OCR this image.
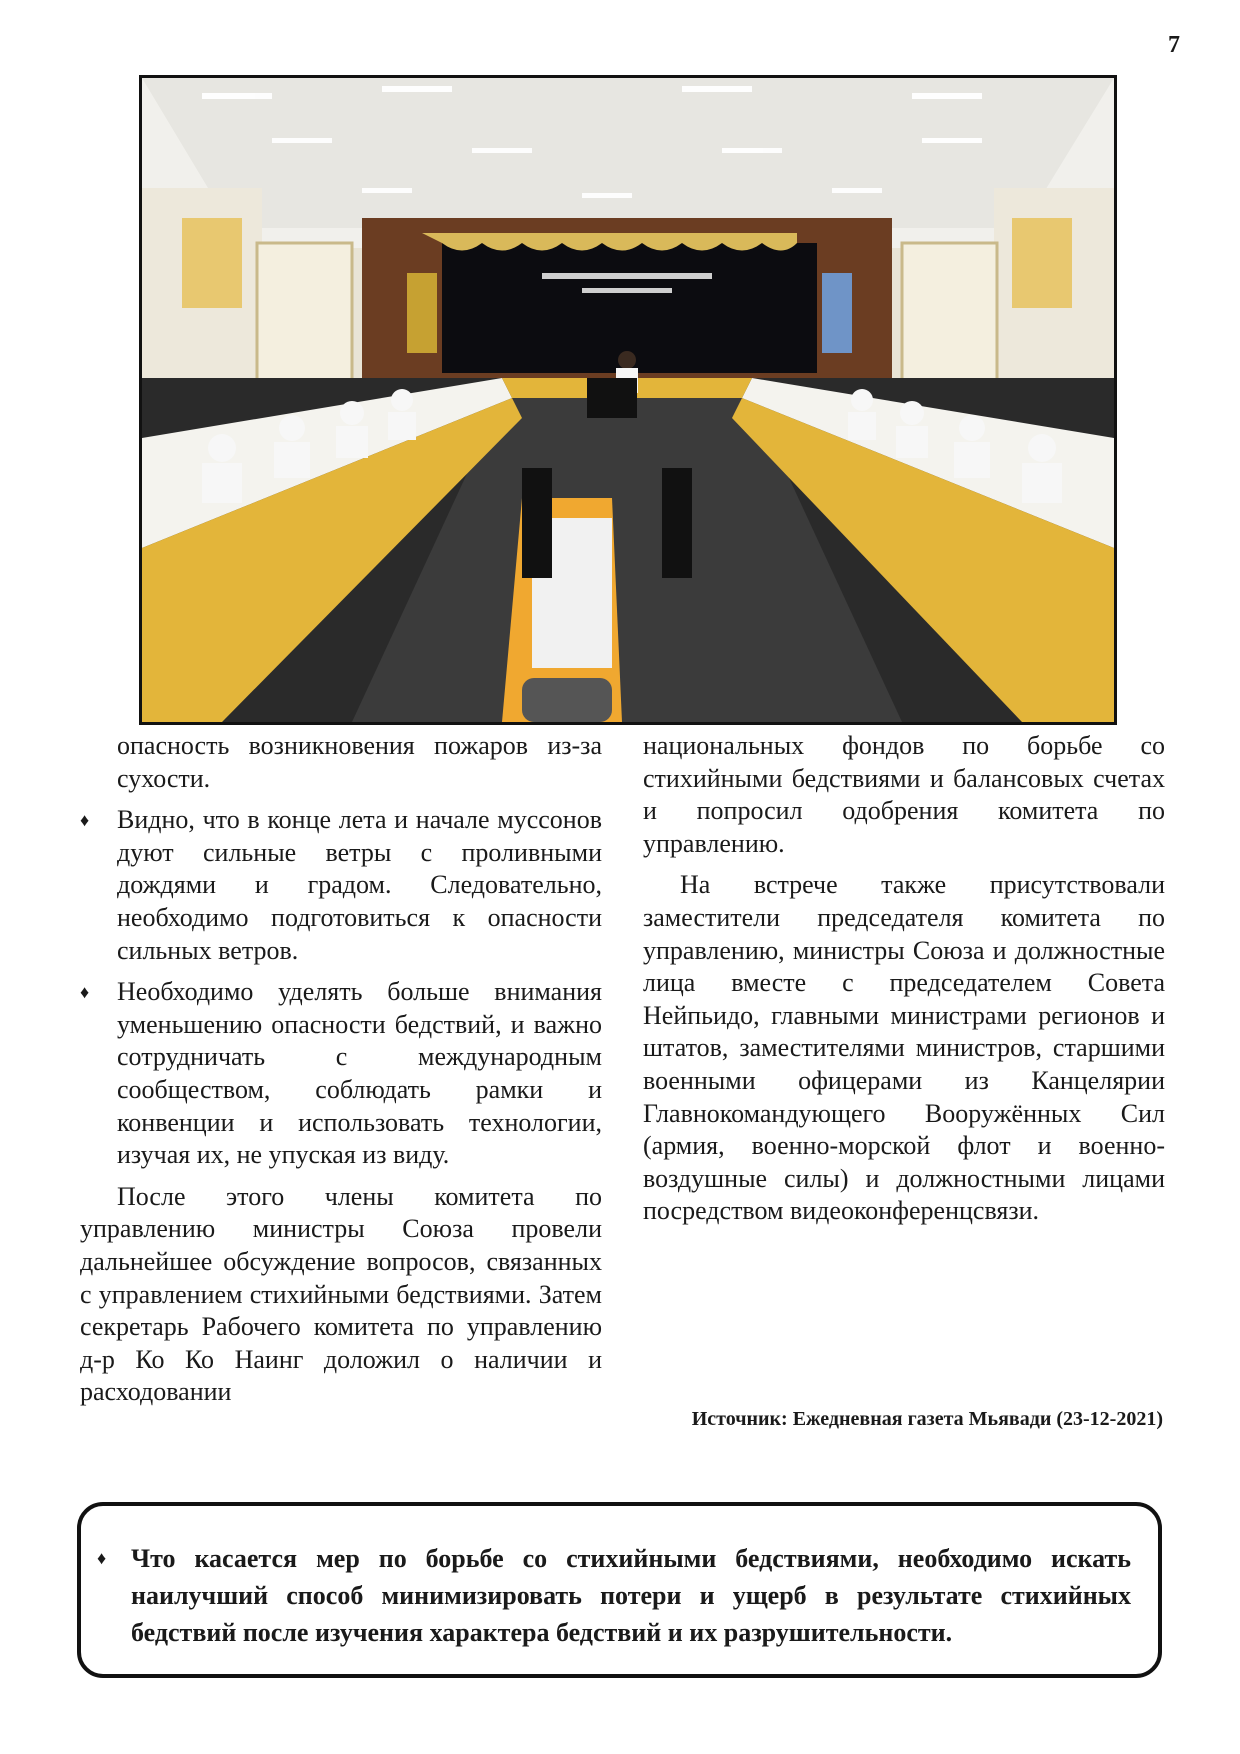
7

опасность возникновения пожаров из-за сухости.

♦ Видно, что в конце лета и начале муссонов дуют сильные ветры с проливными дождями и градом. Следовательно, необходимо подготовиться к опасности сильных ветров.

♦ Необходимо уделять больше внимания уменьшению опасности бедствий, и важно сотрудничать с международным сообществом, соблюдать рамки и конвенции и использовать технологии, изучая их, не упуская из виду.

После этого члены комитета по управлению министры Союза провели дальнейшее обсуждение вопросов, связанных с управлением стихийными бедствиями. Затем секретарь Рабочего комитета по управлению д-р Ко Ко Наинг доложил о наличии и расходовании

национальных фондов по борьбе со стихийными бедствиями и балансовых счетах и попросил одобрения комитета по управлению.

На встрече также присутствовали заместители председателя комитета по управлению, министры Союза и должностные лица вместе с председателем Совета Нейпьидо, главными министрами регионов и штатов, заместителями министров, старшими военными офицерами из Канцелярии Главнокомандующего Вооружённых Сил (армия, военно-морской флот и военно-воздушные силы) и должностными лицами посредством видеоконференцсвязи.

Источник: Ежедневная газета Мьявади (23-12-2021)
♦ Что касается мер по борьбе со стихийными бедствиями, необходимо искать наилучший способ минимизировать потери и ущерб в результате стихийных бедствий после изучения характера бедствий и их разрушительности.
